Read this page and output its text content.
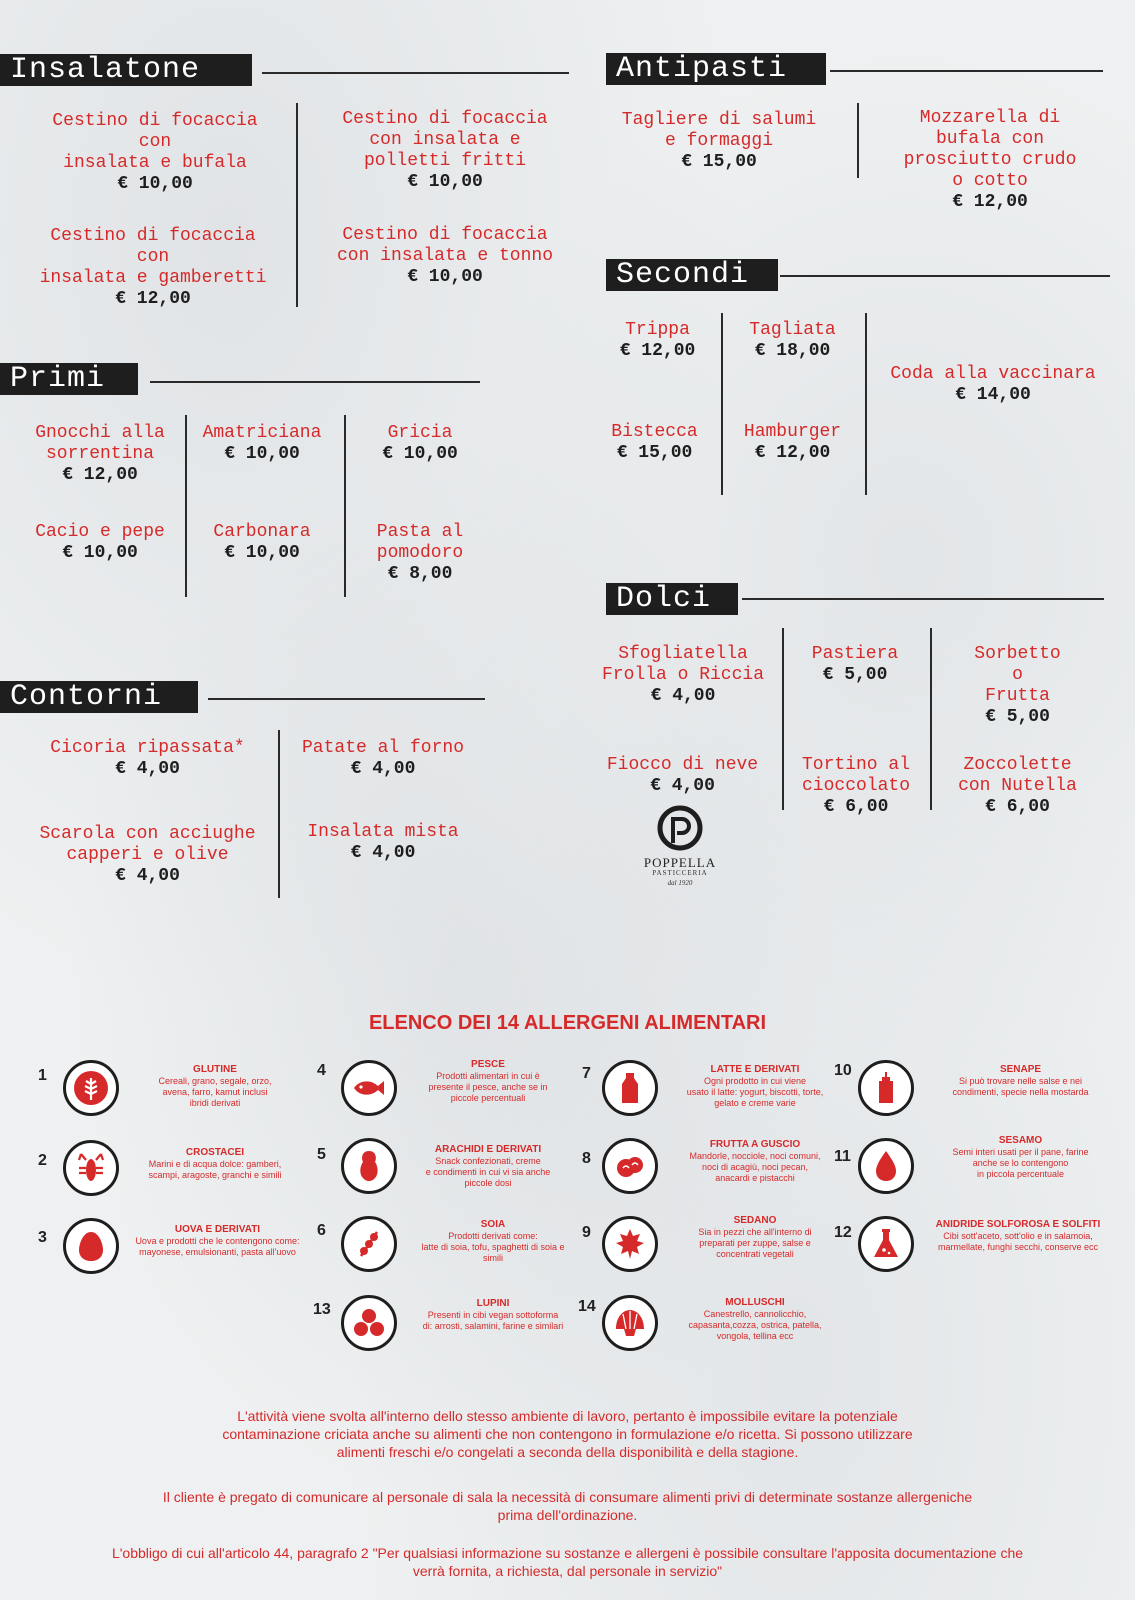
Insalatone
Cestino di focaccia
con
insalata e bufala
€ 10,00
Cestino di focaccia
con insalata e
polletti fritti
€ 10,00
Cestino di focaccia
con
insalata e gamberetti
€ 12,00
Cestino di focaccia
con insalata e tonno
€ 10,00
Antipasti
Tagliere di salumi
e formaggi
€ 15,00
Mozzarella di
bufala con
prosciutto crudo
o cotto
€ 12,00
Secondi
Trippa
€ 12,00
Tagliata
€ 18,00
Coda alla vaccinara
€ 14,00
Bistecca
€ 15,00
Hamburger
€ 12,00
Primi
Gnocchi alla
sorrentina
€ 12,00
Amatriciana
€ 10,00
Gricia
€ 10,00
Cacio e pepe
€ 10,00
Carbonara
€ 10,00
Pasta al
pomodoro
€ 8,00
Dolci
Sfogliatella
Frolla o Riccia
€ 4,00
Pastiera
€ 5,00
Sorbetto
o
Frutta
€ 5,00
Fiocco di neve
€ 4,00
Tortino al
cioccolato
€ 6,00
Zoccolette
con Nutella
€ 6,00
POPPELLA
PASTICCERIA
dal 1920
Contorni
Cicoria ripassata*
€ 4,00
Patate al forno
€ 4,00
Scarola con acciughe
capperi e olive
€ 4,00
Insalata mista
€ 4,00
ELENCO DEI 14 ALLERGENI ALIMENTARI
1	GLUTINE
Cereali, grano, segale, orzo,
avena, farro, kamut inclusi
ibridi derivati
2	CROSTACEI
Marini e di acqua dolce: gamberi,
scampi, aragoste, granchi e simili
3	UOVA E DERIVATI
Uova e prodotti che le contengono come:
mayonese, emulsionanti, pasta all'uovo
4	PESCE
Prodotti alimentari in cui è
presente il pesce, anche se in
piccole percentuali
5	ARACHIDI E DERIVATI
Snack confezionati, creme
e condimenti in cui vi sia anche
piccole dosi
6	SOIA
Prodotti derivati come:
latte di soia, tofu, spaghetti di soia e
simili
7	LATTE E DERIVATI
Ogni prodotto in cui viene
usato il latte: yogurt, biscotti, torte,
gelato e creme varie
8
FRUTTA A GUSCIO
Mandorle, nocciole, noci comuni,
noci di acagiù, noci pecan,
anacardi e pistacchi
9
SEDANO
Sia in pezzi che all'interno di
preparati per zuppe, salse e
concentrati vegetali
10	SENAPE
Si può trovare nelle salse e nei
condimenti, specie nella mostarda
11
SESAMO
Semi interi usati per il pane, farine
anche se lo contengono
in piccola percentuale
12	ANIDRIDE SOLFOROSA E SOLFITI
Cibi sott'aceto, sott'olio e in salamoia,
marmellate, funghi secchi, conserve ecc
13	LUPINI
Presenti in cibi vegan sottoforma
di: arrosti, salamini, farine e similari
14	MOLLUSCHI
Canestrello, cannolicchio,
capasanta,cozza, ostrica, patella,
vongola, tellina ecc
L'attività viene svolta all'interno dello stesso ambiente di lavoro, pertanto è impossibile evitare la potenziale
contaminazione criciata anche su alimenti che non contengono in formulazione e/o ricetta. Si possono utilizzare
alimenti freschi e/o congelati a seconda della disponibilità e della stagione.
Il cliente è pregato di comunicare al personale di sala la necessità di consumare alimenti privi di determinate sostanze allergeniche
prima dell'ordinazione.
L'obbligo di cui all'articolo 44, paragrafo 2 "Per qualsiasi informazione su sostanze e allergeni è possibile consultare l'apposita documentazione che
verrà fornita, a richiesta, dal personale in servizio"
